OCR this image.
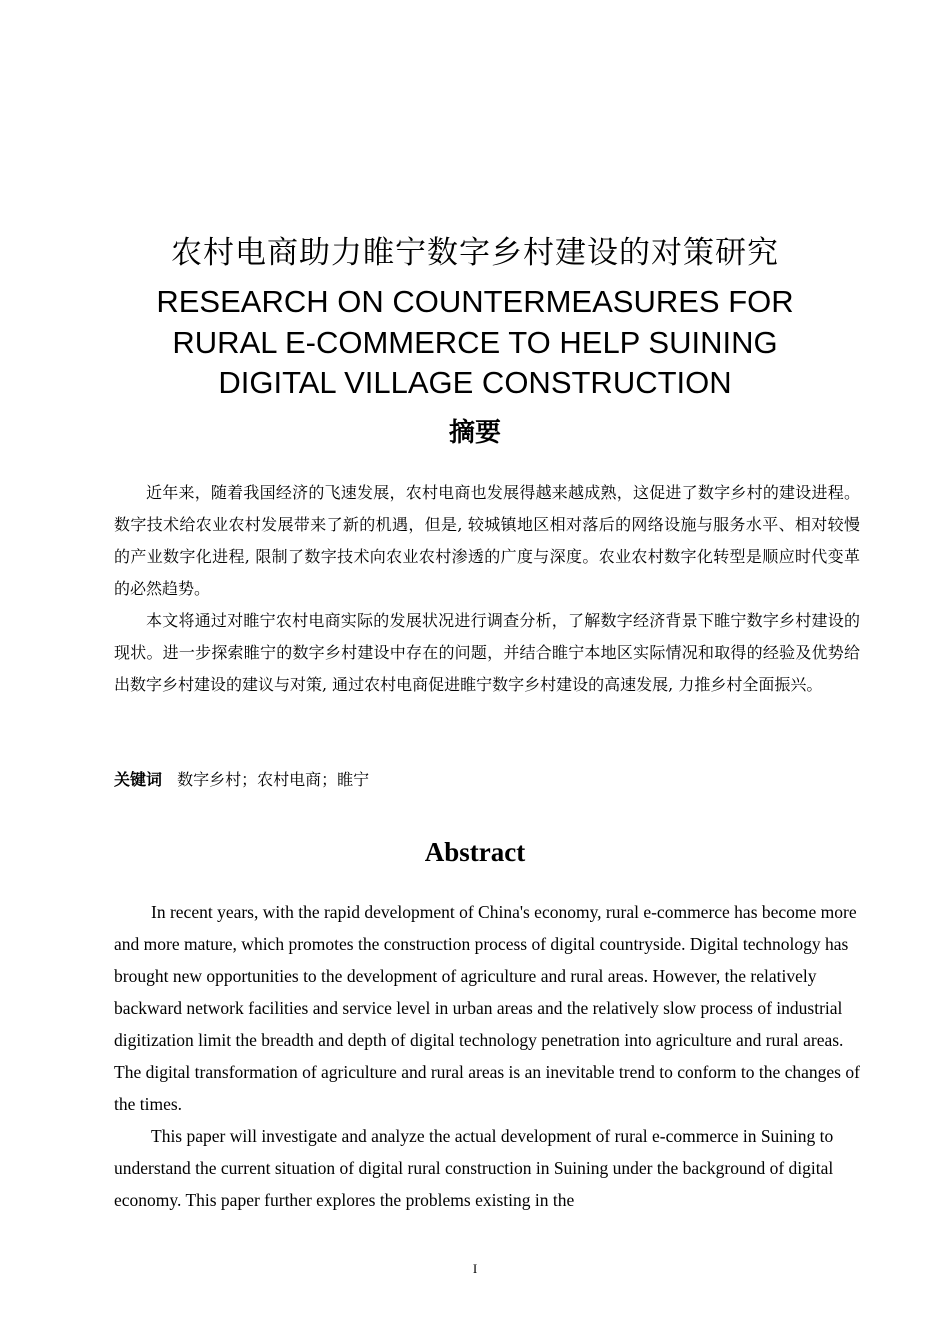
农村电商助力睢宁数字乡村建设的对策研究
RESEARCH ON COUNTERMEASURES FOR
RURAL E-COMMERCE TO HELP SUINING
DIGITAL VILLAGE CONSTRUCTION
摘要

近年来，随着我国经济的飞速发展，农村电商也发展得越来越成熟，这促进了数字乡村的建设进程。数字技术给农业农村发展带来了新的机遇，但是, 较城镇地区相对落后的网络设施与服务水平、相对较慢的产业数字化进程, 限制了数字技术向农业农村渗透的广度与深度。农业农村数字化转型是顺应时代变革的必然趋势。

本文将通过对睢宁农村电商实际的发展状况进行调查分析，了解数字经济背景下睢宁数字乡村建设的现状。进一步探索睢宁的数字乡村建设中存在的问题，并结合睢宁本地区实际情况和取得的经验及优势给出数字乡村建设的建议与对策, 通过农村电商促进睢宁数字乡村建设的高速发展, 力推乡村全面振兴。

关键词 数字乡村；农村电商；睢宁
Abstract

In recent years, with the rapid development of China's economy, rural e-commerce has become more and more mature, which promotes the construction process of digital countryside. Digital technology has brought new opportunities to the development of agriculture and rural areas. However, the relatively backward network facilities and service level in urban areas and the relatively slow process of industrial digitization limit the breadth and depth of digital technology penetration into agriculture and rural areas. The digital transformation of agriculture and rural areas is an inevitable trend to conform to the changes of the times.

This paper will investigate and analyze the actual development of rural e-commerce in Suining to understand the current situation of digital rural construction in Suining under the background of digital economy. This paper further explores the problems existing in the

I
